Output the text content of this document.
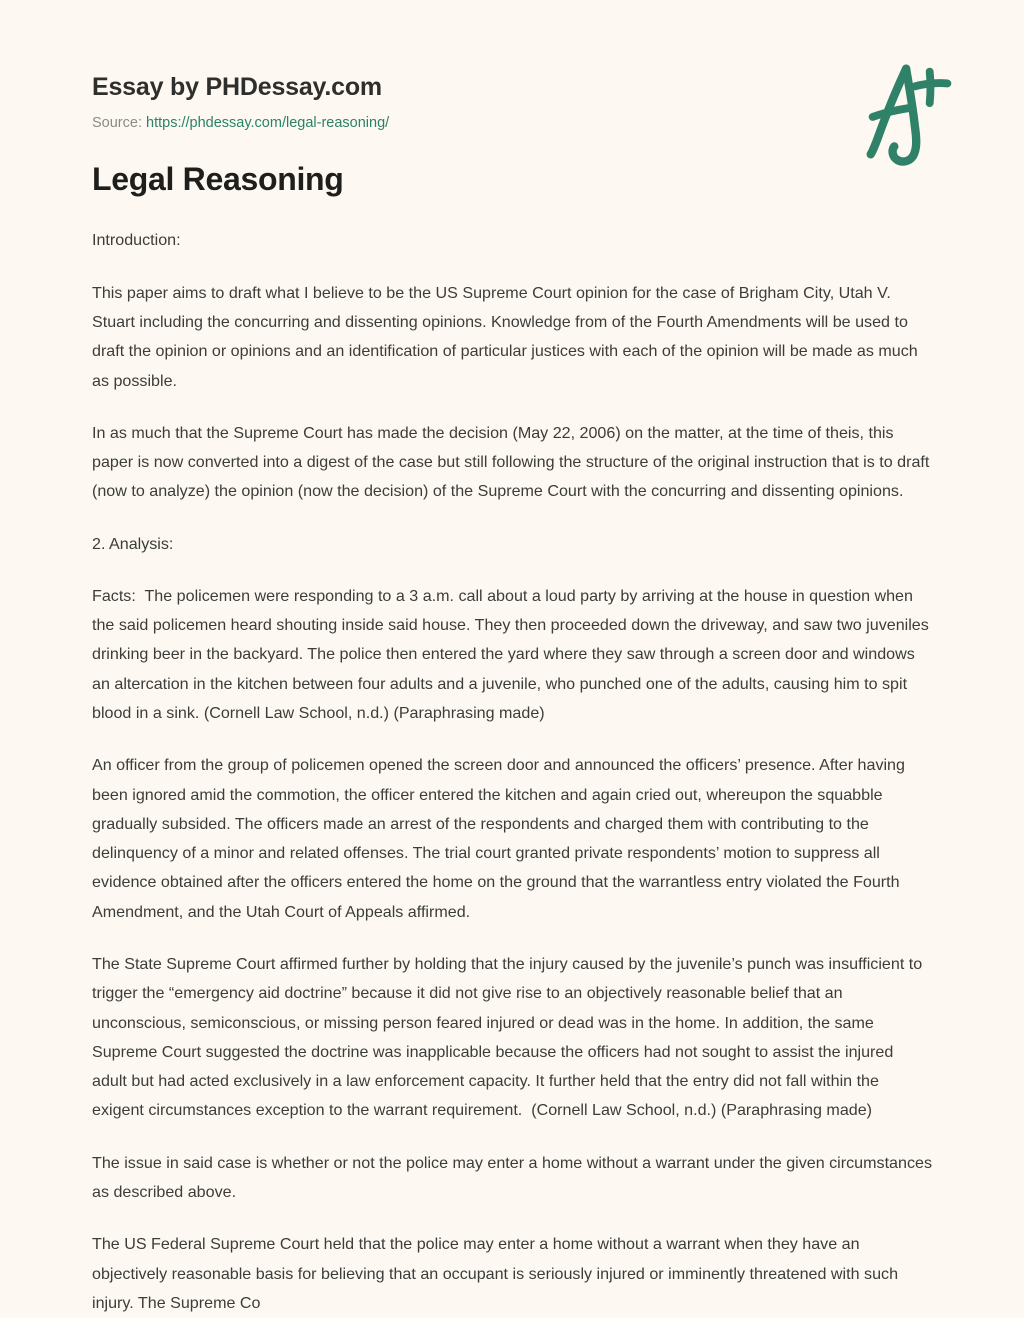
Essay by PHDessay.com
Source: https://phdessay.com/legal-reasoning/
Legal Reasoning

Introduction:

This paper aims to draft what I believe to be the US Supreme Court opinion for the case of Brigham City, Utah V. Stuart including the concurring and dissenting opinions. Knowledge from of the Fourth Amendments will be used to draft the opinion or opinions and an identification of particular justices with each of the opinion will be made as much as possible.

In as much that the Supreme Court has made the decision (May 22, 2006) on the matter, at the time of theis, this paper is now converted into a digest of the case but still following the structure of the original instruction that is to draft (now to analyze) the opinion (now the decision) of the Supreme Court with the concurring and dissenting opinions.

2. Analysis:

Facts:  The policemen were responding to a 3 a.m. call about a loud party by arriving at the house in question when the said policemen heard shouting inside said house. They then proceeded down the driveway, and saw two juveniles drinking beer in the backyard. The police then entered the yard where they saw through a screen door and windows an altercation in the kitchen between four adults and a juvenile, who punched one of the adults, causing him to spit blood in a sink. (Cornell Law School, n.d.) (Paraphrasing made)

An officer from the group of policemen opened the screen door and announced the officers’ presence. After having been ignored amid the commotion, the officer entered the kitchen and again cried out, whereupon the squabble gradually subsided. The officers made an arrest of the respondents and charged them with contributing to the delinquency of a minor and related offenses. The trial court granted private respondents’ motion to suppress all evidence obtained after the officers entered the home on the ground that the warrantless entry violated the Fourth Amendment, and the Utah Court of Appeals affirmed.

The State Supreme Court affirmed further by holding that the injury caused by the juvenile’s punch was insufficient to trigger the “emergency aid doctrine” because it did not give rise to an objectively reasonable belief that an unconscious, semiconscious, or missing person feared injured or dead was in the home. In addition, the same Supreme Court suggested the doctrine was inapplicable because the officers had not sought to assist the injured adult but had acted exclusively in a law enforcement capacity. It further held that the entry did not fall within the exigent circumstances exception to the warrant requirement.  (Cornell Law School, n.d.) (Paraphrasing made)

The issue in said case is whether or not the police may enter a home without a warrant under the given circumstances as described above.

The US Federal Supreme Court held that the police may enter a home without a warrant when they have an objectively reasonable basis for believing that an occupant is seriously injured or imminently threatened with such injury. The Supreme Co
